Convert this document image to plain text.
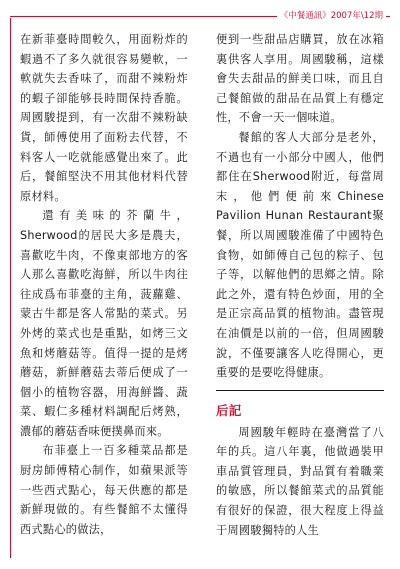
《中餐通訊》2007年\12期

在新菲臺時間較久，用面粉炸的蝦過不了多久就很容易變軟，一軟就失去香味了，而甜不辣粉炸的蝦子卻能够長時間保持香脆。周國駿提到，有一次甜不辣粉缺貨，師傅使用了面粉去代替，不料客人一吃就能感覺出來了。此后，餐館堅決不用其他材料代替原材料。

還有美味的芥蘭牛，Sherwood的居民大多是農夫，喜歡吃牛肉，不像東部地方的客人那么喜歡吃海鮮，所以牛肉往往成爲布菲臺的主角，菠蘿雞、蒙古牛都是客人常點的菜式。另外烤的菜式也是重點，如烤三文魚和烤蘑菇等。值得一提的是烤蘑菇，新鮮蘑菇去蒂后便成了一個小的植物容器，用海鮮醬、蔬菜、蝦仁多種材料調配后烤熟，濃郁的蘑菇香味便撲鼻而來。

布菲臺上一百多種菜品都是厨房師傅精心制作，如蘋果派等一些西式點心，每天供應的都是新鮮現做的。有些餐館不太懂得西式點心的做法，

便到一些甜品店購買，放在冰箱裏供客人享用。周國駿稱，這樣會失去甜品的鮮美口味，而且自己餐館做的甜品在品質上有穩定性，不會一天一個味道。

餐館的客人大部分是老外，不過也有一小部分中國人，他們都住在Sherwood附近，每當周末，他們便前來Chinese Pavilion Hunan Restaurant聚餐，所以周國駿准備了中國特色食物，如師傅自己包的粽子、包子等，以解他們的思鄉之情。除此之外，還有特色炒面，用的全是正宗高品質的植物油。盡管現在油價是以前的一倍，但周國駿說，不僅要讓客人吃得開心，更重要的是要吃得健康。

后記

周國駿年輕時在臺灣當了八年的兵。這八年裏，他做過裝甲車品質管理員，對品質有着職業的敏感，所以餐館菜式的品質能有很好的保證，很大程度上得益于周國駿獨特的人生
